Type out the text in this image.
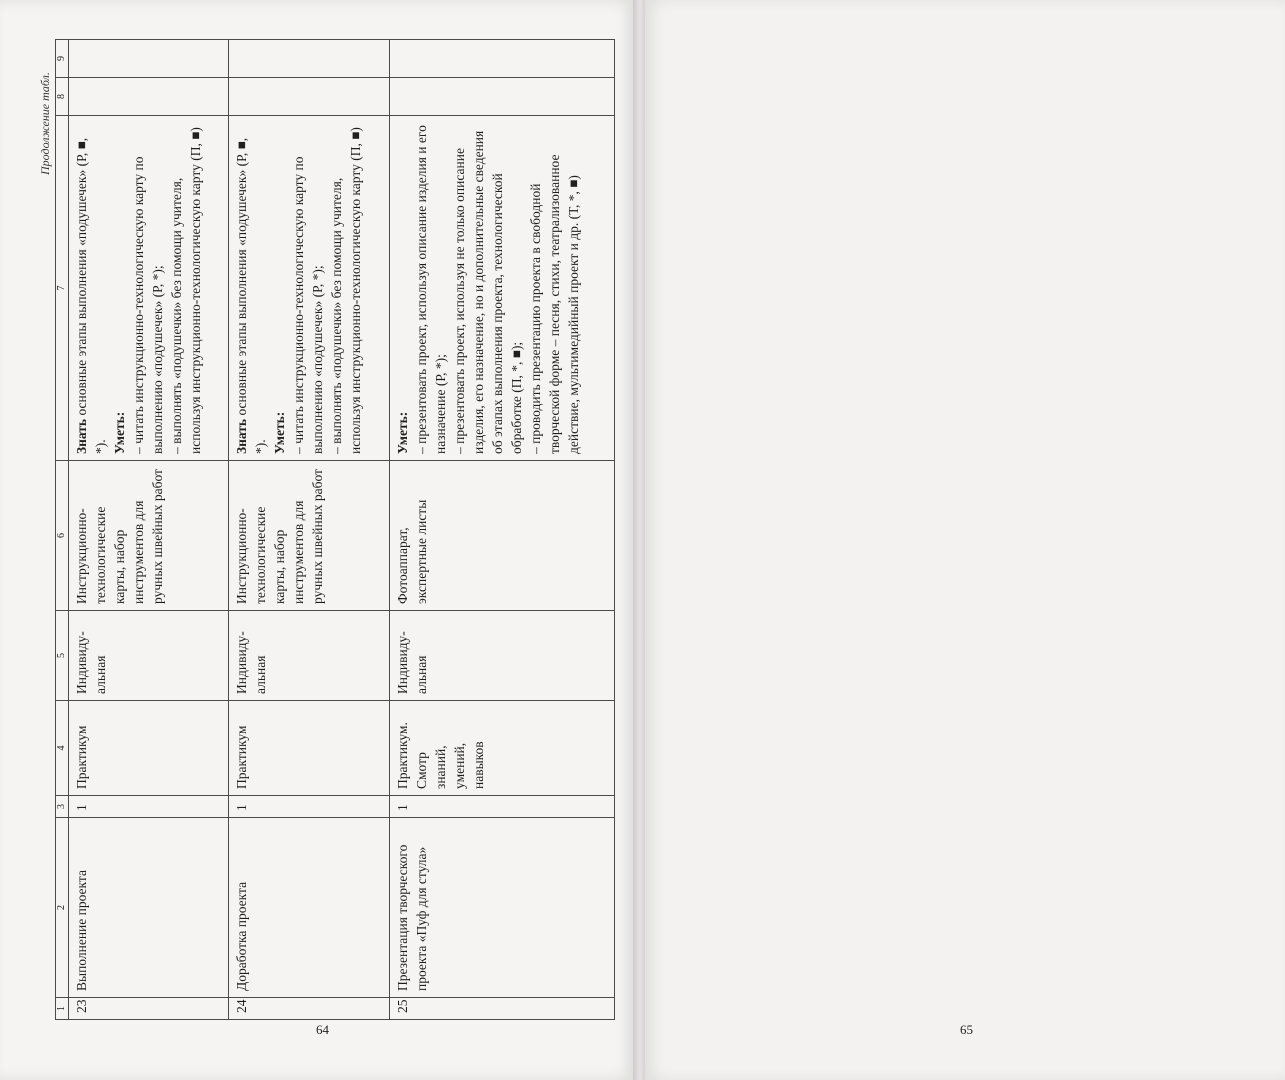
Продолжение табл.
1	2	3	4	5	6	7	8	9
23	Выполнение проекта	1	Практикум	Индивиду-альная	Инструкционно-технологические карты, набор инструментов для ручных швейных работ	Знать основные этапы выполнения «подушечек» (Р, ■, *). Уметь: – читать инструкционно-технологическую карту по выполнению «подушечек» (Р, *); – выполнять «подушечки» без помощи учителя, используя инструкционно-технологическую карту (П, ■)		
24	Доработка проекта	1	Практикум	Индивиду-альная	Инструкционно-технологические карты, набор инструментов для ручных швейных работ	Знать основные этапы выполнения «подушечек» (Р, ■, *). Уметь: – читать инструкционно-технологическую карту по выполнению «подушечек» (Р, *); – выполнять «подушечки» без помощи учителя, используя инструкционно-технологическую карту (П, ■)		
25	Презентация творческого проекта «Пуф для стула»	1	Практикум. Смотр знаний, умений, навыков	Индивиду-альная	Фотоаппарат, экспертные листы	Уметь: – презентовать проект, используя описание изделия и его назначение (Р, *); – презентовать проект, используя не только описание изделия, его назначение, но и дополнительные сведения об этапах выполнения проекта, технологической обработке (П, *, ■); – проводить презентацию проекта в свободной творческой форме – песня, стихи, театрализованное действие, мультимедийный проект и др. (Т, *, ■)		
64

			65
